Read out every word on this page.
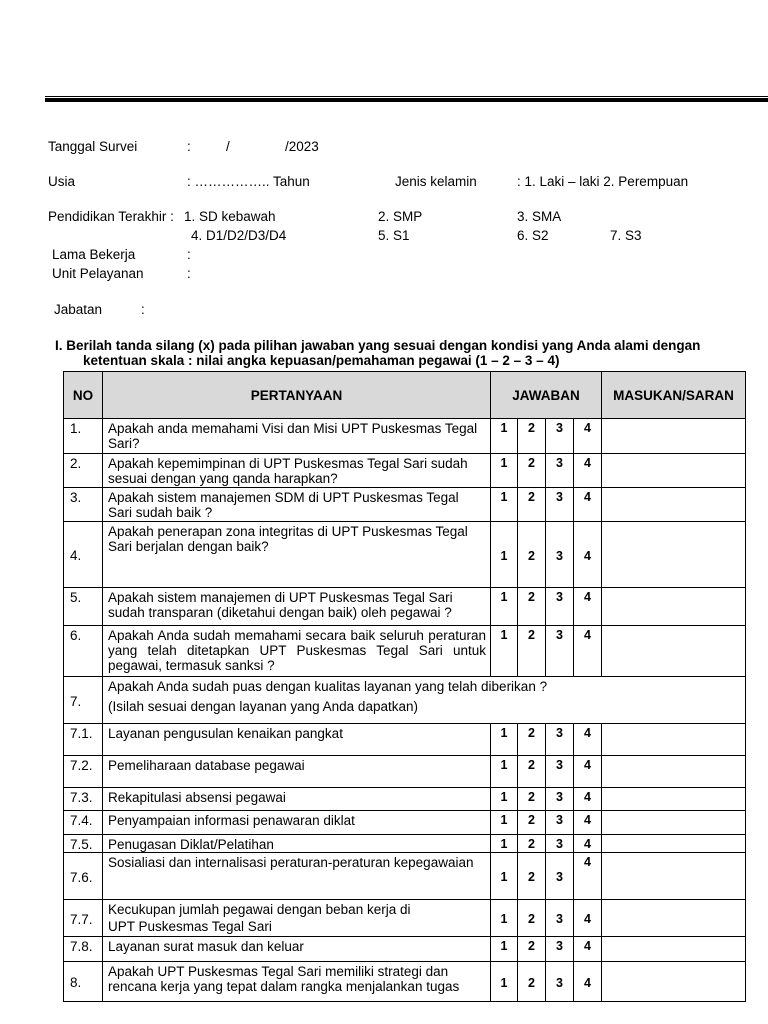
Tanggal Survei	:	/	/2023
Usia	: …………….. Tahun	Jenis kelamin	: 1. Laki – laki 2. Perempuan
Pendidikan Terakhir : 1. SD kebawah	2. SMP	3. SMA
4. D1/D2/D3/D4	5. S1	6. S2	7. S3
Lama Bekerja	:
Unit Pelayanan	:
Jabatan	:
I. Berilah tanda silang (x) pada pilihan jawaban yang sesuai dengan kondisi yang Anda alami dengan
ketentuan skala : nilai angka kepuasan/pemahaman pegawai (1 – 2 – 3 – 4)
NO	PERTANYAAN	JAWABAN				MASUKAN/SARAN
1.	Apakah anda memahami Visi dan Misi UPT Puskesmas Tegal Sari?	1	2	3	4	
2.	Apakah kepemimpinan di UPT Puskesmas Tegal Sari sudah sesuai dengan yang qanda harapkan?	1	2	3	4	
3.	Apakah sistem manajemen SDM di UPT Puskesmas Tegal Sari sudah baik ?	1	2	3	4	
4.	Apakah penerapan zona integritas di UPT Puskesmas Tegal Sari berjalan dengan baik?	1	2	3	4	
5.	Apakah sistem manajemen di UPT Puskesmas Tegal Sari sudah transparan (diketahui dengan baik) oleh pegawai ?	1	2	3	4	
6.	Apakah Anda sudah memahami secara baik seluruh peraturan yang telah ditetapkan UPT Puskesmas Tegal Sari untuk pegawai, termasuk sanksi ?	1	2	3	4	
7.	Apakah Anda sudah puas dengan kualitas layanan yang telah diberikan ?
(Isilah sesuai dengan layanan yang Anda dapatkan)					

7.1.	Layanan pengusulan kenaikan pangkat	1	2	3	4	
7.2.	Pemeliharaan database pegawai	1	2	3	4	
7.3.	Rekapitulasi absensi pegawai	1	2	3	4	
7.4.	Penyampaian informasi penawaran diklat	1	2	3	4	
7.5.	Penugasan Diklat/Pelatihan	1	2	3	4	
7.6.	Sosialiasi dan internalisasi peraturan-peraturan kepegawaian	1	2	3	4	
7.7.	Kecukupan jumlah pegawai dengan beban kerja di
UPT Puskesmas Tegal Sari	1	2	3	4	
7.8.	Layanan surat masuk dan keluar	1	2	3	4	
8.	Apakah UPT Puskesmas Tegal Sari memiliki strategi dan rencana kerja yang tepat dalam rangka menjalankan tugas	1	2	3	4	
